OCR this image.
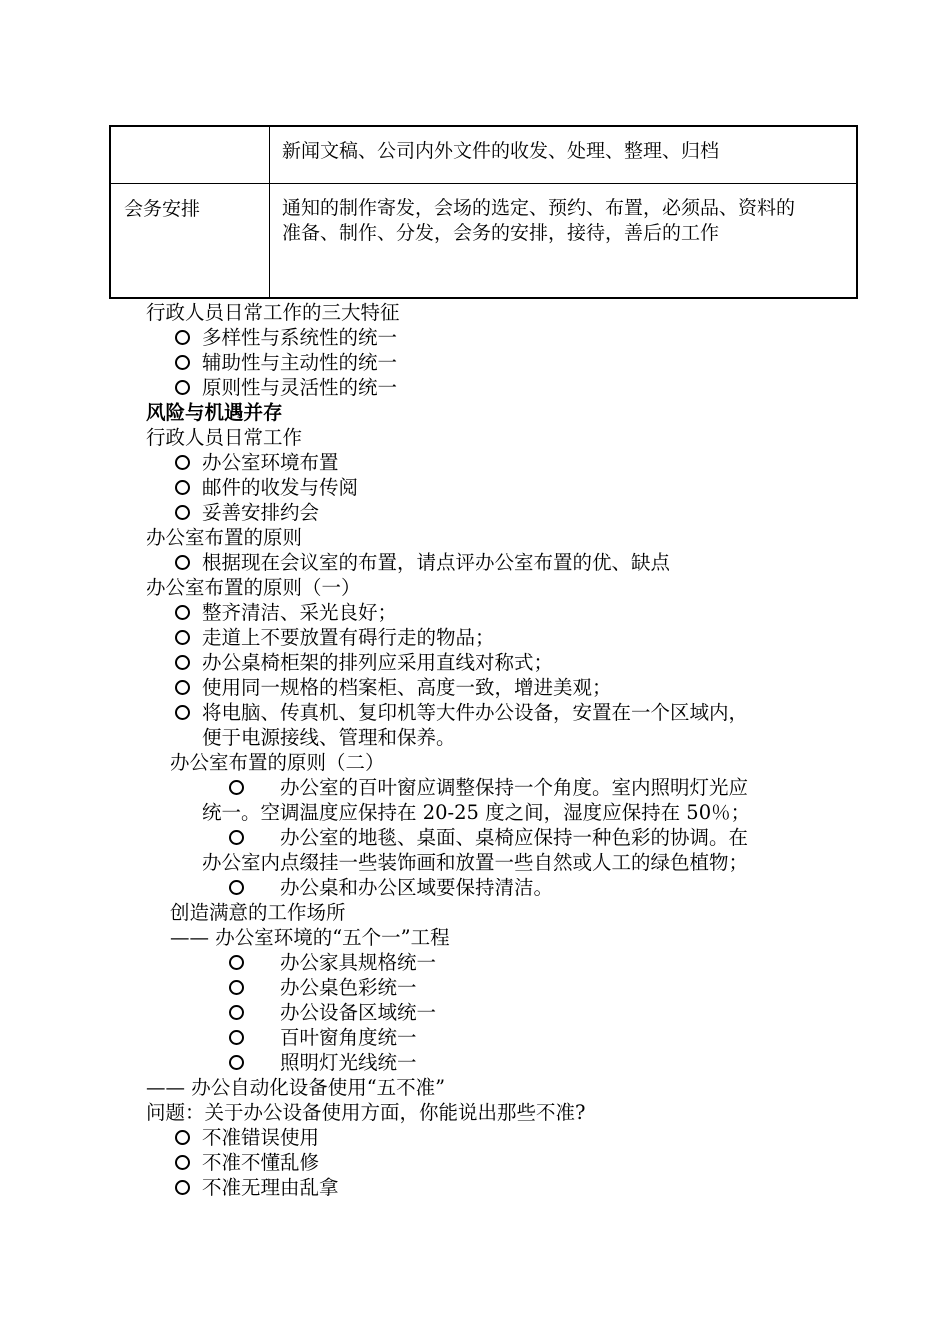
	新闻文稿、公司内外文件的收发、处理、整理、归档

会务安排	通知的制作寄发，会场的选定、预约、布置，必须品、资料的
准备、制作、分发，会务的安排，接待，善后的工作
行政人员日常工作的三大特征
多样性与系统性的统一
辅助性与主动性的统一
原则性与灵活性的统一
风险与机遇并存
行政人员日常工作
办公室环境布置
邮件的收发与传阅
妥善安排约会
办公室布置的原则
根据现在会议室的布置，请点评办公室布置的优、缺点
办公室布置的原则（一）
整齐清洁、采光良好；
走道上不要放置有碍行走的物品；
办公桌椅柜架的排列应采用直线对称式；
使用同一规格的档案柜、高度一致，增进美观；
将电脑、传真机、复印机等大件办公设备，安置在一个区域内，
便于电源接线、管理和保养。
办公室布置的原则（二）
办公室的百叶窗应调整保持一个角度。室内照明灯光应
统一。空调温度应保持在 20-25 度之间，湿度应保持在 50％；
办公室的地毯、桌面、桌椅应保持一种色彩的协调。在
办公室内点缀挂一些装饰画和放置一些自然或人工的绿色植物；
办公桌和办公区域要保持清洁。
创造满意的工作场所
—— 办公室环境的“五个一”工程
办公家具规格统一
办公桌色彩统一
办公设备区域统一
百叶窗角度统一
照明灯光线统一
—— 办公自动化设备使用“五不准”
问题：关于办公设备使用方面，你能说出那些不准?
不准错误使用
不准不懂乱修
不准无理由乱拿
